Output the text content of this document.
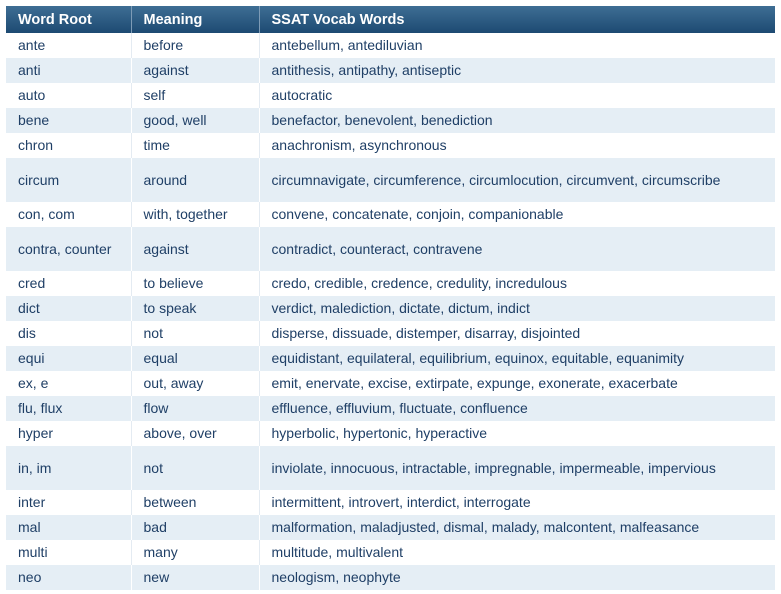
Word Root	Meaning	SSAT Vocab Words
ante	before	antebellum, antediluvian
anti	against	antithesis, antipathy, antiseptic
auto	self	autocratic
bene	good, well	benefactor, benevolent, benediction
chron	time	anachronism, asynchronous
circum	around	circumnavigate, circumference, circumlocution, circumvent, circumscribe
con, com	with, together	convene, concatenate, conjoin, companionable
contra, counter	against	contradict, counteract, contravene
cred	to believe	credo, credible, credence, credulity, incredulous
dict	to speak	verdict, malediction, dictate, dictum, indict
dis	not	disperse, dissuade, distemper, disarray, disjointed
equi	equal	equidistant, equilateral, equilibrium, equinox, equitable, equanimity
ex, e	out, away	emit, enervate, excise, extirpate, expunge, exonerate, exacerbate
flu, flux	flow	effluence, effluvium, fluctuate, confluence
hyper	above, over	hyperbolic, hypertonic, hyperactive
in, im	not	inviolate, innocuous, intractable, impregnable, impermeable, impervious
inter	between	intermittent, introvert, interdict, interrogate
mal	bad	malformation, maladjusted, dismal, malady, malcontent, malfeasance
multi	many	multitude, multivalent
neo	new	neologism, neophyte
